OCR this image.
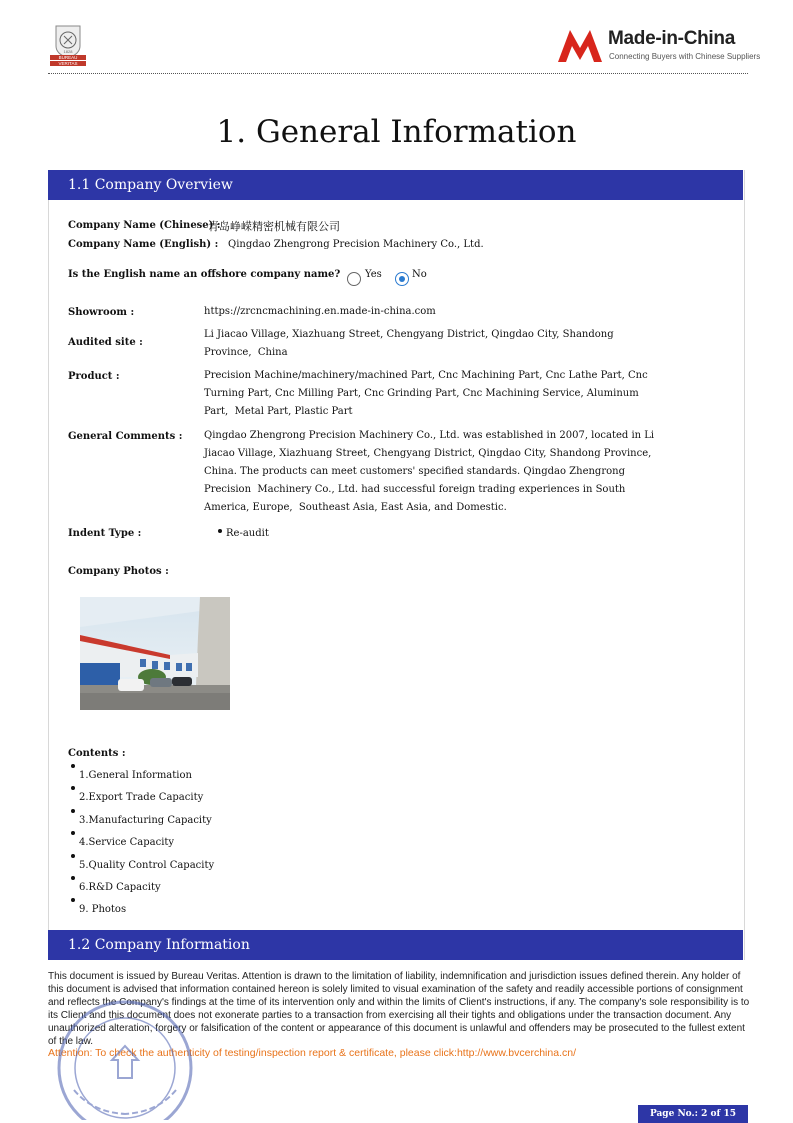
BUREAU
VERITAS
1828
Made-in-China
Connecting Buyers with Chinese Suppliers
1. General Information
1.1 Company Overview
Company Name (Chinese) :
青岛峥嵘精密机械有限公司
Company Name (English) : Qingdao Zhengrong Precision Machinery Co., Ltd.
Is the English name an offshore company name? Yes	No
Showroom :	https://zrcncmachining.en.made-in-china.com
Audited site :
Li Jiacao Village, Xiazhuang Street, Chengyang District, Qingdao City, Shandong
Province,  China
Product :	Precision Machine/machinery/machined Part, Cnc Machining Part, Cnc Lathe Part, Cnc
Turning Part, Cnc Milling Part, Cnc Grinding Part, Cnc Machining Service, Aluminum
Part,  Metal Part, Plastic Part
General Comments : Qingdao Zhengrong Precision Machinery Co., Ltd. was established in 2007, located in Li
Jiacao Village, Xiazhuang Street, Chengyang District, Qingdao City, Shandong Province,
China. The products can meet customers' specified standards. Qingdao Zhengrong
Precision  Machinery Co., Ltd. had successful foreign trading experiences in South
America, Europe,  Southeast Asia, East Asia, and Domestic.
Indent Type :	Re-audit
Company Photos :
Contents :
1.General Information
2.Export Trade Capacity
3.Manufacturing Capacity
4.Service Capacity
5.Quality Control Capacity
6.R&D Capacity
9. Photos
1.2 Company Information
This document is issued by Bureau Veritas. Attention is drawn to the limitation of liability, indemnification and jurisdiction issues defined therein. Any holder of this document is advised that information contained hereon is solely limited to visual examination of the safety and readily accessible portions of consignment and reflects the Company's findings at the time of its intervention only and within the limits of Client's instructions, if any. The company's sole responsibility is to its Client and this document does not exonerate parties to a transaction from exercising all their tights and obligations under the transaction document. Any unauthorized alteration, forgery or falsification of the content or appearance of this document is unlawful and offenders may be prosecuted to the fullest extent of the law.
Attention: To check the authenticity of testing/inspection report & certificate, please click:http://www.bvcerchina.cn/
Page No.: 2 of 15
